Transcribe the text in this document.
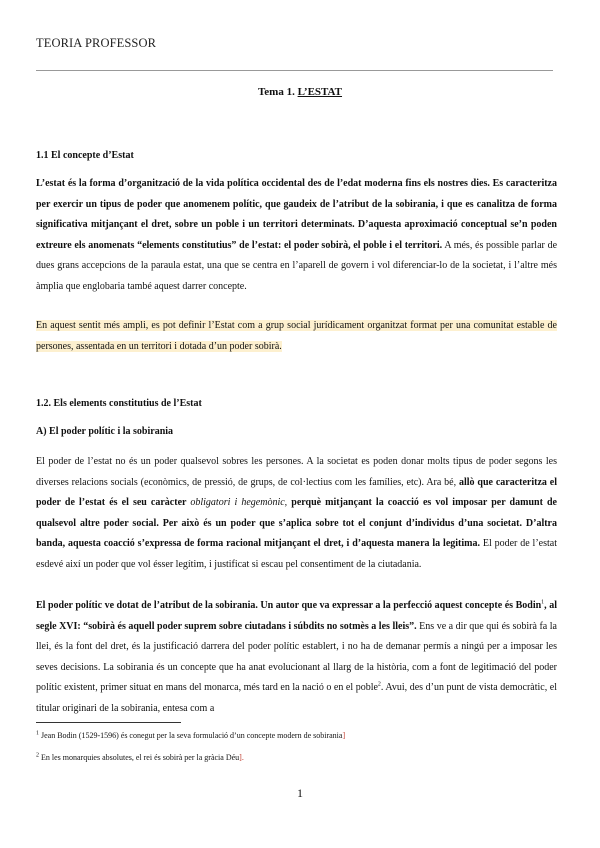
TEORIA PROFESSOR
Tema 1. L’ESTAT
1.1 El concepte d’Estat
L’estat és la forma d’organització de la vida política occidental des de l’edat moderna fins els nostres dies. Es caracteritza per exercir un tipus de poder que anomenem polític, que gaudeix de l’atribut de la sobirania, i que es canalitza de forma significativa mitjançant el dret, sobre un poble i un territori determinats. D’aquesta aproximació conceptual se’n poden extreure els anomenats “elements constitutius” de l’estat: el poder sobirà, el poble i el territori. A més, és possible parlar de dues grans accepcions de la paraula estat, una que se centra en l’aparell de govern i vol diferenciar-lo de la societat, i l’altre més àmplia que englobaria també aquest darrer concepte.
En aquest sentit més ampli, es pot definir l’Estat com a grup social jurídicament organitzat format per una comunitat estable de persones, assentada en un territori i dotada d’un poder sobirà.
1.2. Els elements constitutius de l’Estat
A) El poder polític i la sobirania
El poder de l’estat no és un poder qualsevol sobres les persones. A la societat es poden donar molts tipus de poder segons les diverses relacions socials (econòmics, de pressió, de grups, de col·lectius com les famílies, etc). Ara bé, allò que caracteritza el poder de l’estat és el seu caràcter obligatori i hegemònic, perquè mitjançant la coacció es vol imposar per damunt de qualsevol altre poder social. Per això és un poder que s’aplica sobre tot el conjunt d’individus d’una societat. D’altra banda, aquesta coacció s’expressa de forma racional mitjançant el dret, i d’aquesta manera la legitima. El poder de l’estat esdevé així un poder que vol ésser legítim, i justificat si escau pel consentiment de la ciutadania.
El poder polític ve dotat de l’atribut de la sobirania. Un autor que va expressar a la perfecció aquest concepte és Bodin$^1$, al segle XVI: “sobirà és aquell poder suprem sobre ciutadans i súbdits no sotmès a les lleis”. Ens ve a dir que qui és sobirà fa la llei, és la font del dret, és la justificació darrera del poder polític establert, i no ha de demanar permís a ningú per a imposar les seves decisions. La sobirania és un concepte que ha anat evolucionant al llarg de la història, com a font de legitimació del poder polític existent, primer situat en mans del monarca, més tard en la nació o en el poble$^2$. Avui, des d’un punt de vista democràtic, el titular originari de la sobirania, entesa com a
$^1$ Jean Bodin (1529-1596) és conegut per la seva formulació d’un concepte modern de sobirania]
$^2$ En les monarquies absolutes, el rei és sobirà per la gràcia Déu].
1
